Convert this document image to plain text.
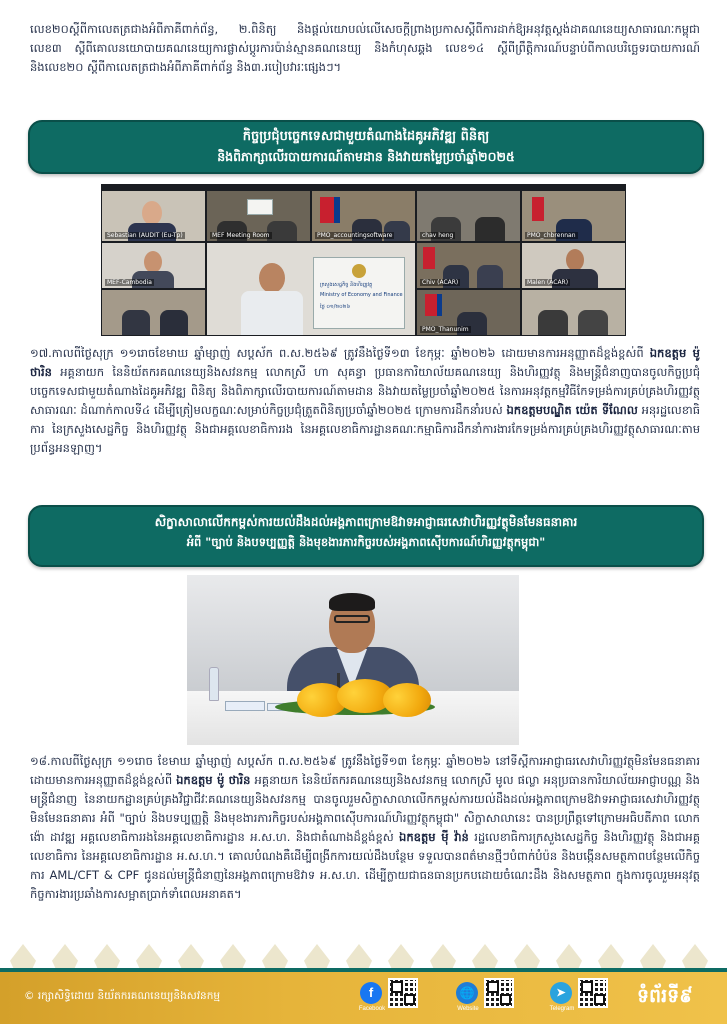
លេខ២០ស្តីពីកាលេតត្រជាងអំពីភាគីពាក់ព័ន្ធ, ២.ពិនិត្យ និងផ្តល់យោបល់លើសេចក្តីព្រាងប្រកាសស្តីពីការដាក់ឱ្យអនុវត្តស្តង់ដាគណនេយ្យសាធារណៈកម្ពុជា លេខ៣ ស្តីពីគោលនយោបាយគណនេយ្យការផ្លាស់ប្តូរការប៉ាន់ស្មានគណនេយ្យ និងកំហុសឆ្គង លេខ១៤ ស្តីពីព្រឹត្តិការណ៍បន្ទាប់ពីកាលបរិច្ឆេទរបាយការណ៍ និងលេខ២០ ស្តីពីកាលេតត្រជាងអំពីភាគីពាក់ព័ន្ធ និង៣.របៀបវារៈផ្សេងៗ។
កិច្ចប្រជុំបច្ចេកទេសជាមួយតំណាងដៃគូអភិវឌ្ឍ ពិនិត្យ
និងពិភាក្សាលើរបាយការណ៍តាមដាន និងវាយតម្លៃប្រចាំឆ្នាំ២០២៥
Sebastian (AUDIT (Eu-Tp)	MEF Meeting Room	PMO_accountingsoftware	chav heng	PMO_chbrennan
MEF-Cambodia	ក្រសួងសេដ្ឋកិច្ច និងហិរញ្ញវត្ថុ
Ministry of Economy and Finance
ថ្ងៃ ០១/២០២៦
Chiv (ACAR)	Malen (ACAR)
PMO_Thanunim
១៧.កាលពីថ្ងៃសុក្រ ១១រោចខែមាឃ ឆ្នាំម្សាញ់ សប្តស័ក ព.ស.២៥៦៩ ត្រូវនឹងថ្ងៃទី១៣ ខែកុម្ភៈ ឆ្នាំ២០២៦ ដោយមានការអនុញ្ញាតដ៏ខ្ពង់ខ្ពស់ពី ឯកឧត្តម ម៉ូ ថារិន អគ្គនាយក នៃនិយ័តករគណនេយ្យនិងសវនកម្ម លោកស្រី ហា សុគន្ធា ប្រធានការិយាល័យគណនេយ្យ និងហិរញ្ញវត្ថុ និងមន្ត្រីជំនាញបានចូលកិច្ចប្រជុំបច្ចេកទេសជាមួយតំណាងដៃគូអភិវឌ្ឍ ពិនិត្យ និងពិភាក្សាលើរបាយការណ៍តាមដាន និងវាយតម្លៃប្រចាំឆ្នាំ២០២៥ នៃការអនុវត្តកម្មវិធីកែទម្រង់ការគ្រប់គ្រងហិរញ្ញវត្ថុសាធារណៈ ដំណាក់កាលទី៤ ដើម្បីត្រៀមលក្ខណៈសម្រាប់កិច្ចប្រជុំត្រួតពិនិត្យប្រចាំឆ្នាំ២០២៥ ក្រោមការដឹកនាំរបស់ ឯកឧត្តមបណ្ឌិត យ៉េត ទីណែល អនុរដ្ឋលេខាធិការ នៃក្រសួងសេដ្ឋកិច្ច និងហិរញ្ញវត្ថុ និងជាអគ្គលេខាធិការរង នៃអគ្គលេខាធិការដ្ឋានគណៈកម្មាធិការដឹកនាំការងារកែទម្រង់ការគ្រប់គ្រងហិរញ្ញវត្ថុសាធារណៈតាមប្រព័ន្ធអនឡាញ។
សិក្ខាសាលាលើកកម្ពស់ការយល់ដឹងដល់អង្គភាពក្រោមឱវាទអាជ្ញាធរសេវាហិរញ្ញវត្ថុមិនមែនធនាគារ
អំពី "ច្បាប់ និងបទប្បញ្ញត្តិ និងមុខងារភារកិច្ចរបស់អង្គភាពស៊ើបការណ៍ហិរញ្ញវត្ថុកម្ពុជា"
១៨.កាលពីថ្ងៃសុក្រ ១១រោច ខែមាឃ ឆ្នាំម្សាញ់ សប្តស័ក ព.ស.២៥៦៩ ត្រូវនឹងថ្ងៃទី១៣ ខែកុម្ភៈ ឆ្នាំ២០២៦ នៅទីស្តីការអាជ្ញាធរសេវាហិរញ្ញវត្ថុមិនមែនធនាគារ ដោយមានការអនុញ្ញាតដ៏ខ្ពង់ខ្ពស់ពី ឯកឧត្តម ម៉ូ ថារិន អគ្គនាយក នៃនិយ័តករគណនេយ្យនិងសវនកម្ម លោកស្រី មូល ផល្លា អនុប្រធានការិយាល័យអាជ្ញាបណ្ណ និងមន្ត្រីជំនាញ នៃនាយកដ្ឋានគ្រប់គ្រងវិជ្ជាជីវៈគណនេយ្យនិងសវនកម្ម បានចូលរួមសិក្ខាសាលាលើកកម្ពស់ការយល់ដឹងដល់អង្គភាពក្រោមឱវាទអាជ្ញាធរសេវាហិរញ្ញវត្ថុមិនមែនធនាគារ អំពី "ច្បាប់ និងបទប្បញ្ញត្តិ និងមុខងារភារកិច្ចរបស់អង្គភាពស៊ើបការណ៍ហិរញ្ញវត្ថុកម្ពុជា" សិក្ខាសាលានេះ បានប្រព្រឹត្តទៅក្រោមអធិបតីភាព លោក ង៉ោ ដាវឌ្ឍ អគ្គលេខាធិការរងនៃអគ្គលេខាធិការដ្ឋាន អ.ស.ហ. និងជាតំណាងដ៏ខ្ពង់ខ្ពស់ ឯកឧត្តម ម៉ី វ៉ាន់ រដ្ឋលេខាធិការក្រសួងសេដ្ឋកិច្ច និងហិរញ្ញវត្ថុ និងជាអគ្គលេខាធិការ នៃអគ្គលេខាធិការដ្ឋាន អ.ស.ហ.។ គោលបំណងគឺដើម្បីពង្រីកការយល់ដឹងបន្ថែម ទទួលបានពត៌មានថ្មីៗបំពាក់បំប៉ន និងបង្កើនសមត្ថភាពបន្ថែមលើកិច្ចការ AML/CFT & CPF ជូនដល់មន្ត្រីជំនាញនៃអង្គភាពក្រោមឱវាទ អ.ស.ហ. ដើម្បីក្លាយជាធនធានប្រកបដោយចំណេះដឹង និងសមត្ថភាព ក្នុងការចូលរួមអនុវត្តកិច្ចការងារប្រឆាំងការសម្អាតប្រាក់ទាំពេលអនាគត។
© រក្សាសិទ្ធិដោយ និយ័តករគណនេយ្យនិងសវនកម្ម	f
Facebook
🌐
Website
➤
Telegram
ទំព័រទី៩
